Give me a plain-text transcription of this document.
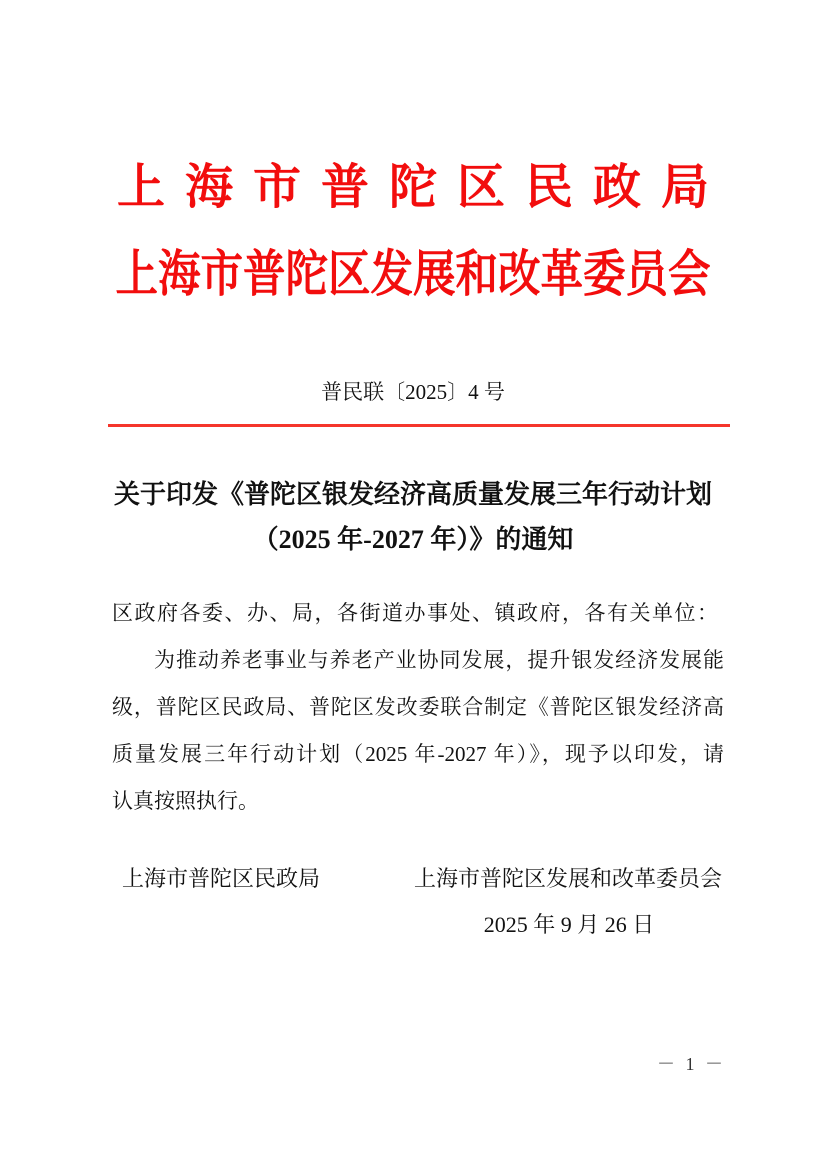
上海市普陀区民政局
上海市普陀区发展和改革委员会
普民联〔2025〕4 号
关于印发《普陀区银发经济高质量发展三年行动计划
（2025 年-2027 年）》的通知
区政府各委、办、局，各街道办事处、镇政府，各有关单位：
为推动养老事业与养老产业协同发展，提升银发经济发展能
级，普陀区民政局、普陀区发改委联合制定《普陀区银发经济高
质量发展三年行动计划（2025 年-2027 年）》，现予以印发，请
认真按照执行。
上海市普陀区民政局	上海市普陀区发展和改革委员会
2025 年 9 月 26 日
－ 1 －
